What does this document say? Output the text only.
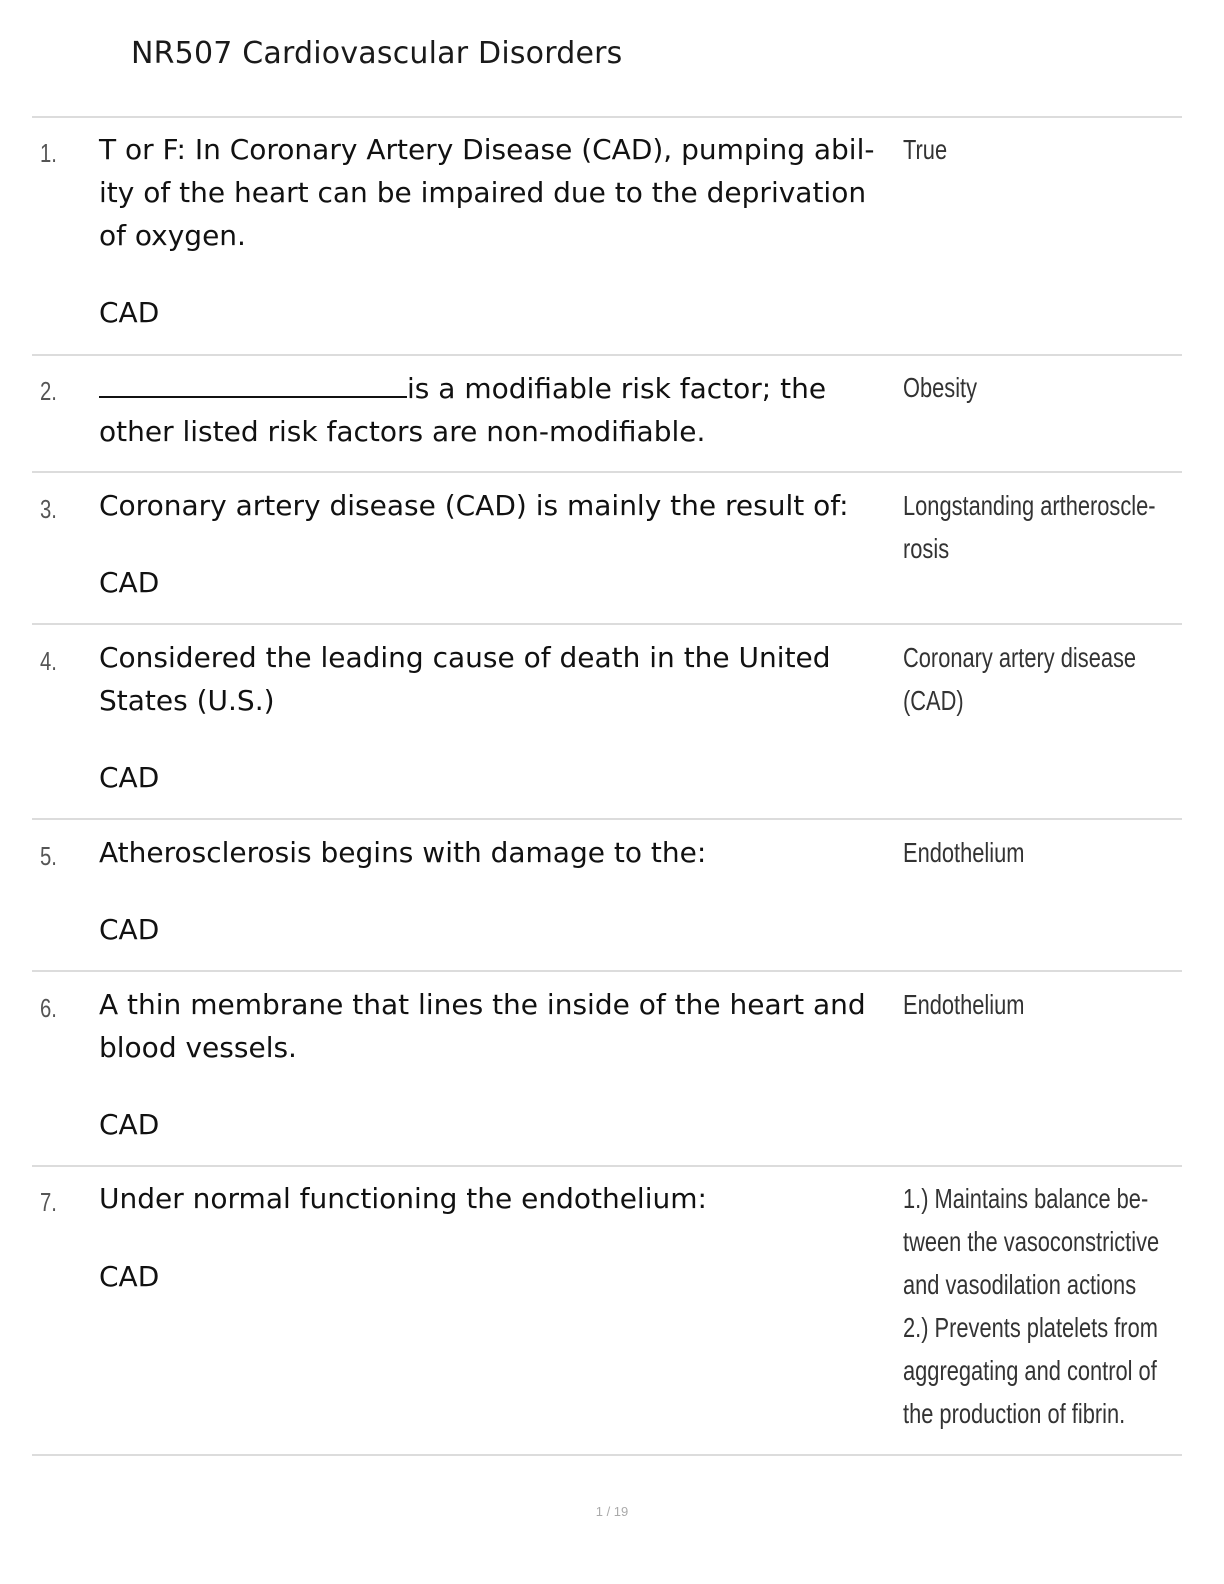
NR507 Cardiovascular Disorders
1. T or F: In Coronary Artery Disease (CAD), pumping abil-
ity of the heart can be impaired due to the deprivation
of oxygen.
CAD
True
2.	is a modifiable risk factor; the
other listed risk factors are non-modifiable.
Obesity
3. Coronary artery disease (CAD) is mainly the result of:
CAD
Longstanding artheroscle-
rosis
4. Considered the leading cause of death in the United
States (U.S.)
CAD
Coronary artery disease
(CAD)
5. Atherosclerosis begins with damage to the:
CAD
Endothelium
6. A thin membrane that lines the inside of the heart and
blood vessels.
CAD
Endothelium
7. Under normal functioning the endothelium:
CAD
1.) Maintains balance be-
tween the vasoconstrictive
and vasodilation actions
2.) Prevents platelets from
aggregating and control of
the production of fibrin.
1 / 19
